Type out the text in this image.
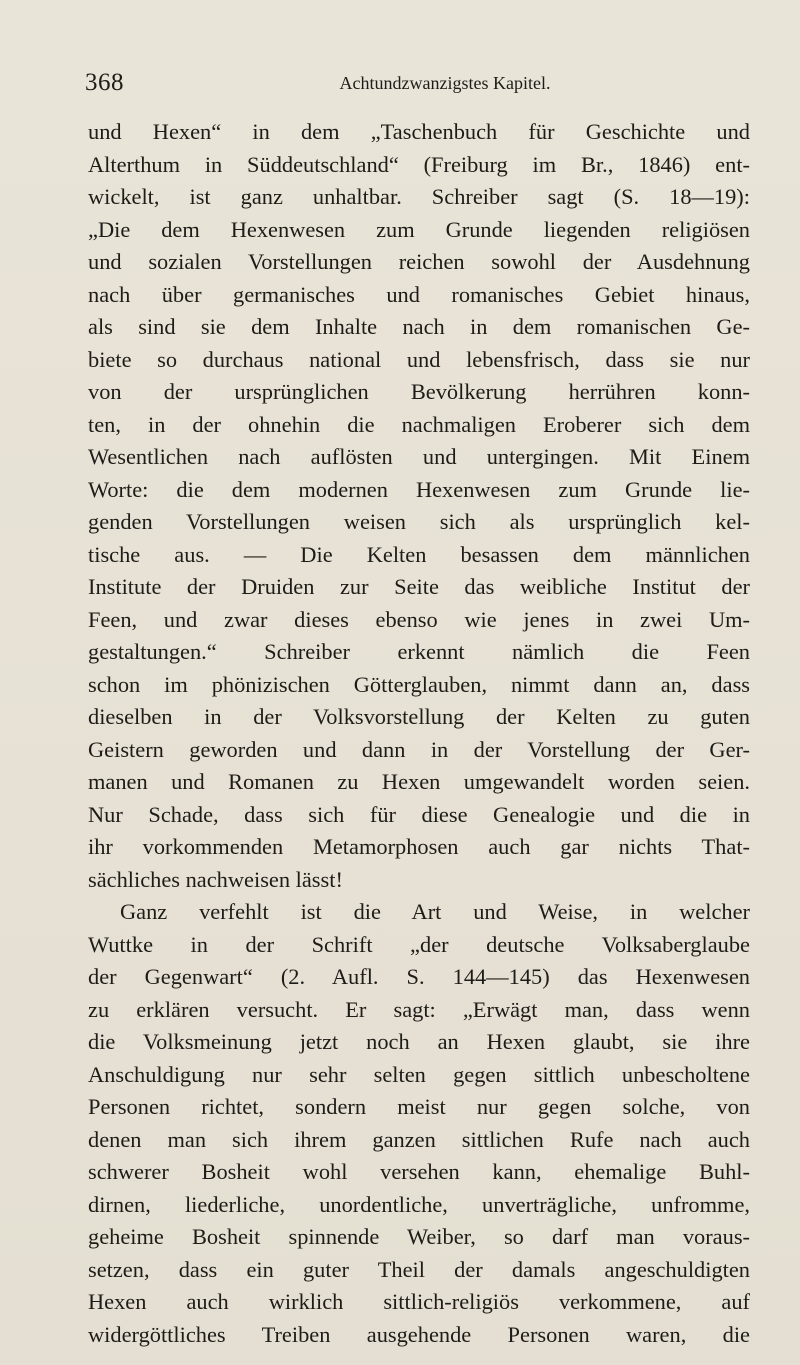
368	Achtundzwanzigstes Kapitel.
und Hexen“ in dem „Taschenbuch für Geschichte und
Alterthum in Süddeutschland“ (Freiburg im Br., 1846) ent-
wickelt, ist ganz unhaltbar. Schreiber sagt (S. 18—19):
„Die dem Hexenwesen zum Grunde liegenden religiösen
und sozialen Vorstellungen reichen sowohl der Ausdehnung
nach über germanisches und romanisches Gebiet hinaus,
als sind sie dem Inhalte nach in dem romanischen Ge-
biete so durchaus national und lebensfrisch, dass sie nur
von der ursprünglichen Bevölkerung herrühren konn-
ten, in der ohnehin die nachmaligen Eroberer sich dem
Wesentlichen nach auflösten und untergingen. Mit Einem
Worte: die dem modernen Hexenwesen zum Grunde lie-
genden Vorstellungen weisen sich als ursprünglich kel-
tische aus. — Die Kelten besassen dem männlichen
Institute der Druiden zur Seite das weibliche Institut der
Feen, und zwar dieses ebenso wie jenes in zwei Um-
gestaltungen.“ Schreiber erkennt nämlich die Feen
schon im phönizischen Götterglauben, nimmt dann an, dass
dieselben in der Volksvorstellung der Kelten zu guten
Geistern geworden und dann in der Vorstellung der Ger-
manen und Romanen zu Hexen umgewandelt worden seien.
Nur Schade, dass sich für diese Genealogie und die in
ihr vorkommenden Metamorphosen auch gar nichts That-
sächliches nachweisen lässt!
Ganz verfehlt ist die Art und Weise, in welcher
Wuttke in der Schrift „der deutsche Volksaberglaube
der Gegenwart“ (2. Aufl. S. 144—145) das Hexenwesen
zu erklären versucht. Er sagt: „Erwägt man, dass wenn
die Volksmeinung jetzt noch an Hexen glaubt, sie ihre
Anschuldigung nur sehr selten gegen sittlich unbescholtene
Personen richtet, sondern meist nur gegen solche, von
denen man sich ihrem ganzen sittlichen Rufe nach auch
schwerer Bosheit wohl versehen kann, ehemalige Buhl-
dirnen, liederliche, unordentliche, unverträgliche, unfromme,
geheime Bosheit spinnende Weiber, so darf man voraus-
setzen, dass ein guter Theil der damals angeschuldigten
Hexen auch wirklich sittlich-religiös verkommene, auf
widergöttliches Treiben ausgehende Personen waren, die
